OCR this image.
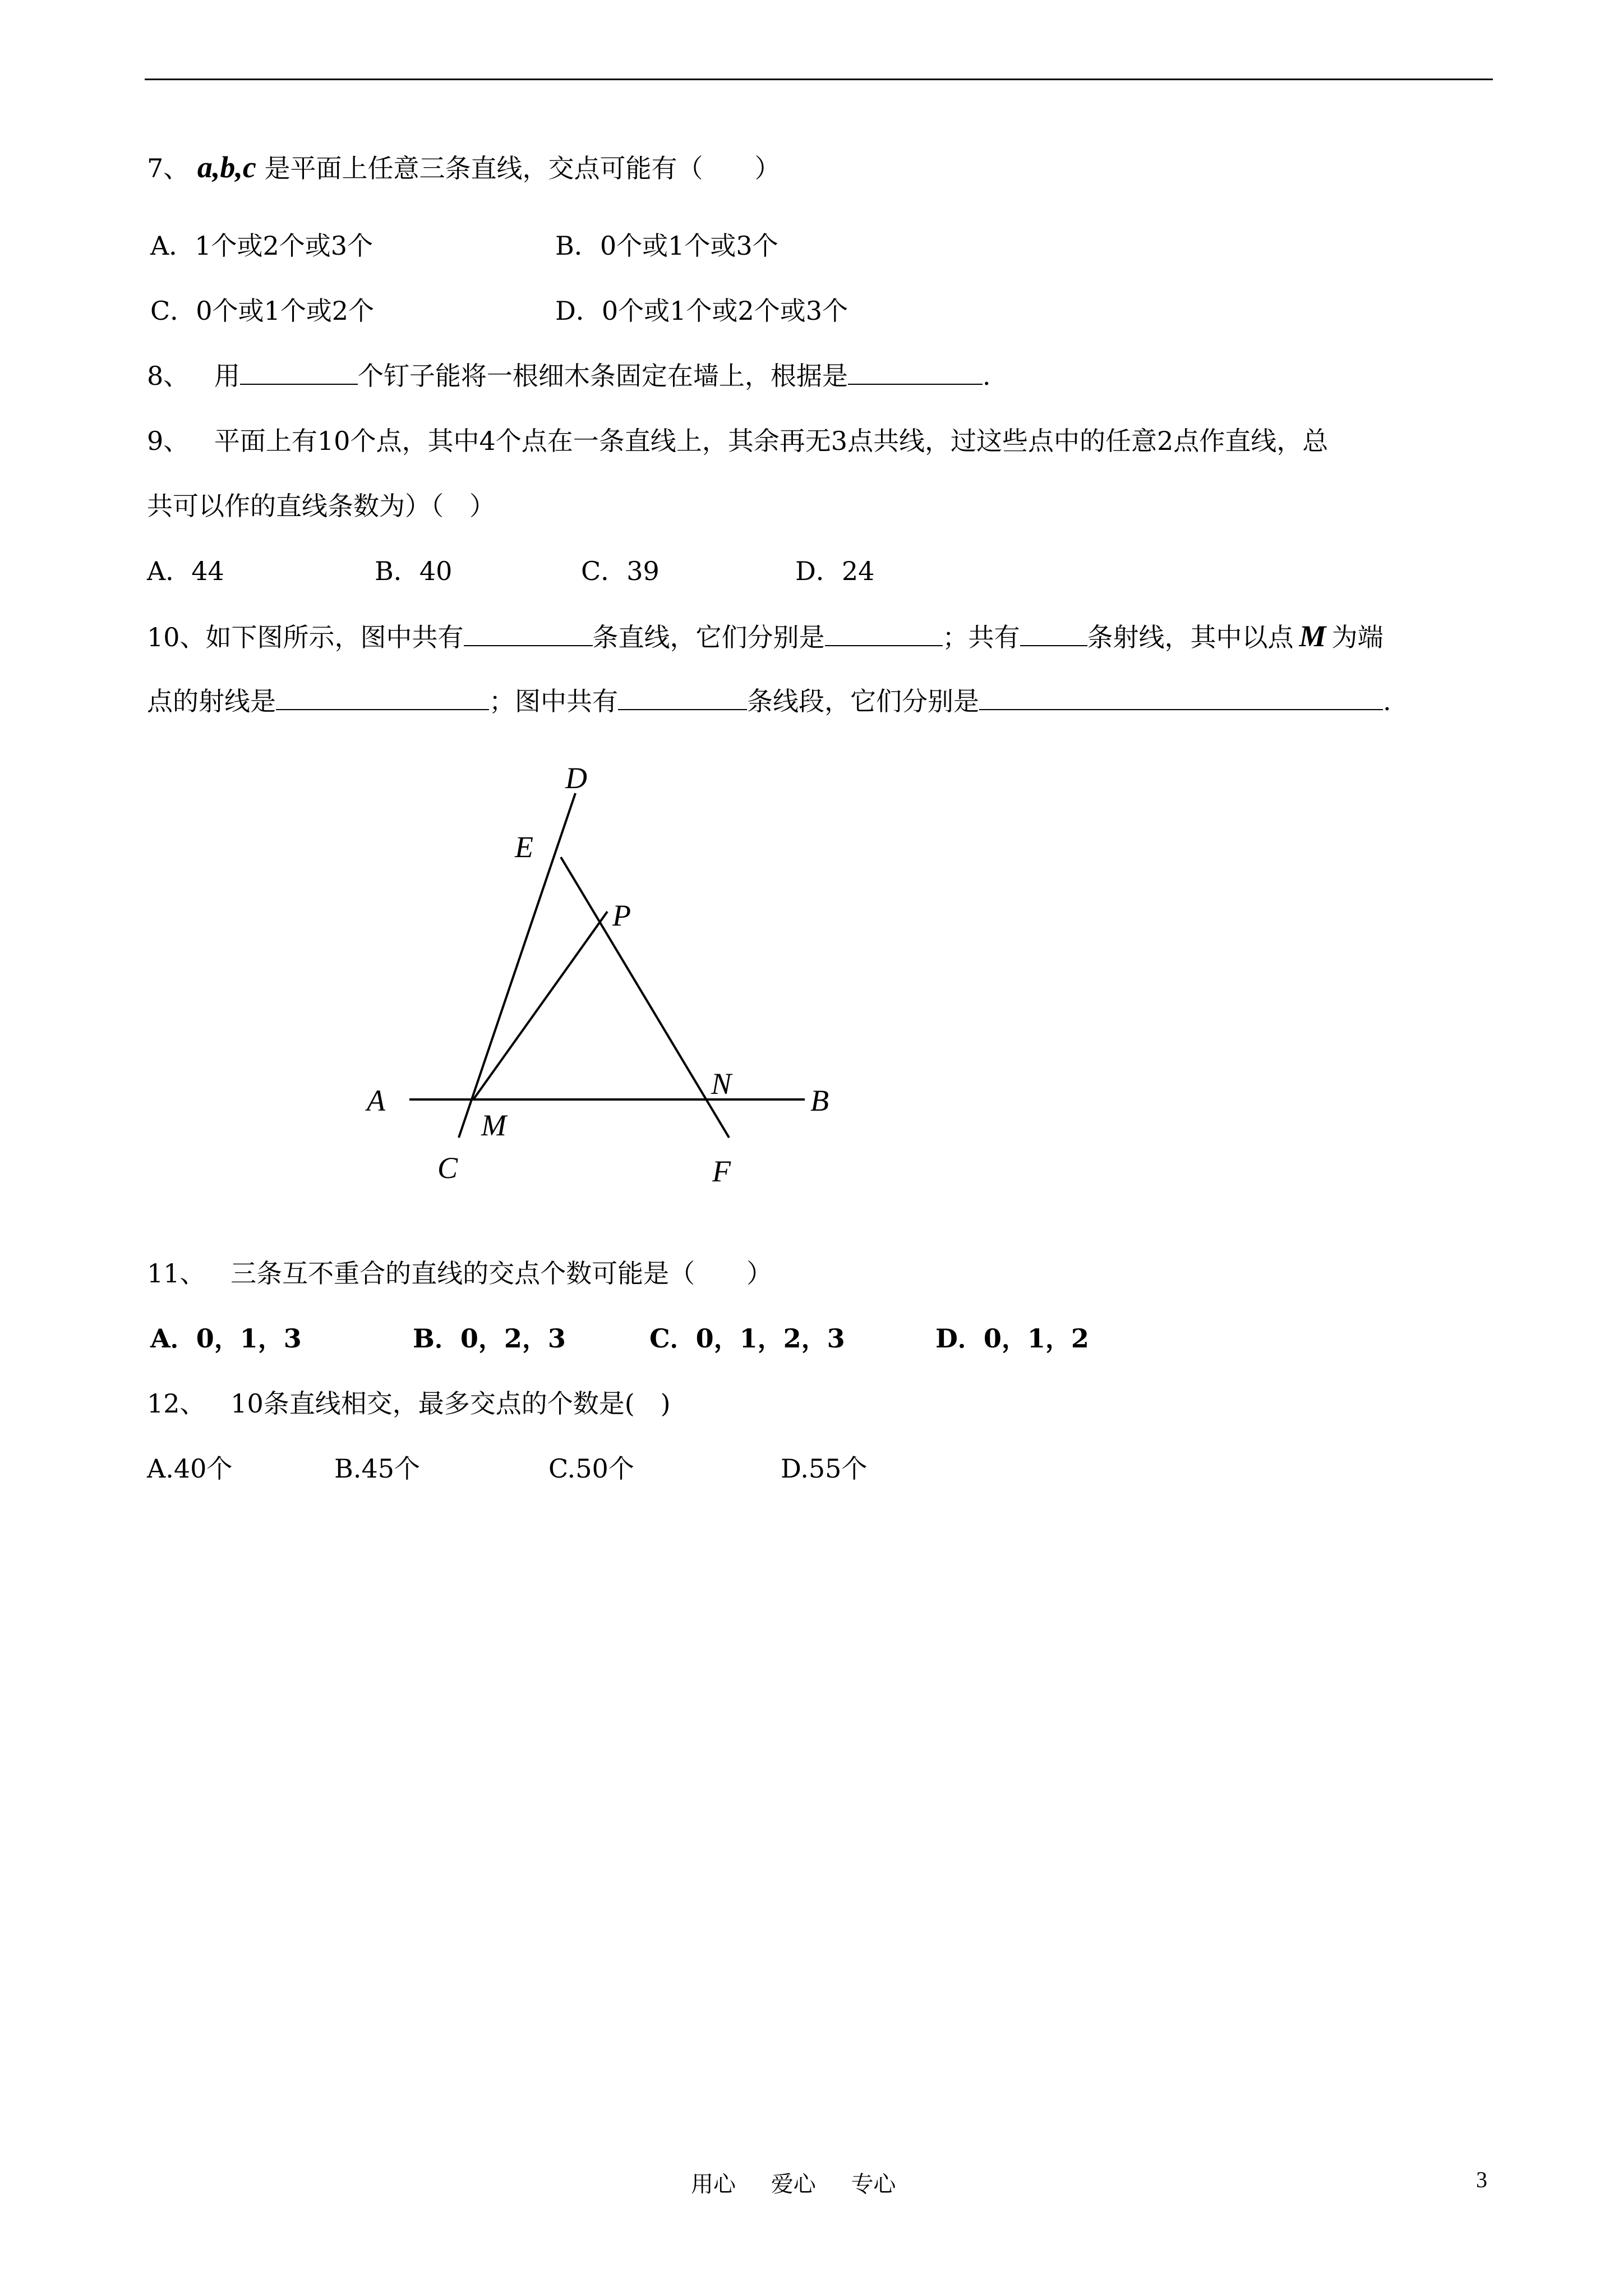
7、 a,b,c 是平面上任意三条直线，交点可能有（　　）
A．1个或2个或3个	B．0个或1个或3个
C．0个或1个或2个	D．0个或1个或2个或3个
8、 用	个钉子能将一根细木条固定在墙上，根据是	.
9、 平面上有10个点，其中4个点在一条直线上，其余再无3点共线，过这些点中的任意2点作直线，总
共可以作的直线条数为）（　）
A．44	B．40	C．39	D．24
10、如下图所示，图中共有	条直线，它们分别是	；共有	条射线，其中以点 M 为端
点的射线是	；图中共有	条线段，它们分别是	.
D
E
P
A	N	B
M
C	F
11、 三条互不重合的直线的交点个数可能是（　　）
A．0，1，3	B．0，2，3	C．0，1，2，3	D．0，1，2
12、 10条直线相交，最多交点的个数是(　)
A.40个	B.45个	C.50个	D.55个
用心 爱心 专心	3
